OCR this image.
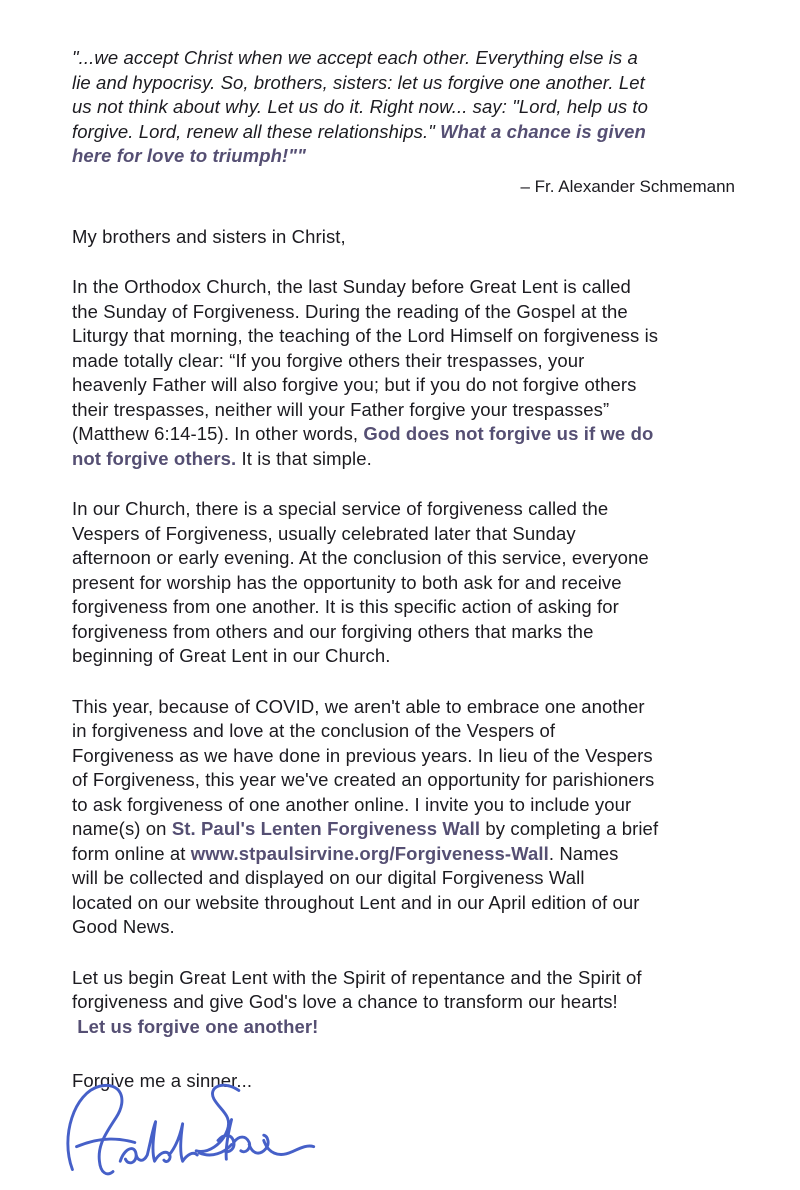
"...we accept Christ when we accept each other. Everything else is a
lie and hypocrisy. So, brothers, sisters: let us forgive one another. Let
us not think about why. Let us do it. Right now... say: "Lord, help us to
forgive. Lord, renew all these relationships." What a chance is given
here for love to triumph!""
– Fr. Alexander Schmemann
My brothers and sisters in Christ,
In the Orthodox Church, the last Sunday before Great Lent is called
the Sunday of Forgiveness. During the reading of the Gospel at the
Liturgy that morning, the teaching of the Lord Himself on forgiveness is
made totally clear: “If you forgive others their trespasses, your
heavenly Father will also forgive you; but if you do not forgive others
their trespasses, neither will your Father forgive your trespasses”
(Matthew 6:14-15). In other words, God does not forgive us if we do
not forgive others. It is that simple.
In our Church, there is a special service of forgiveness called the
Vespers of Forgiveness, usually celebrated later that Sunday
afternoon or early evening. At the conclusion of this service, everyone
present for worship has the opportunity to both ask for and receive
forgiveness from one another. It is this specific action of asking for
forgiveness from others and our forgiving others that marks the
beginning of Great Lent in our Church.
This year, because of COVID, we aren't able to embrace one another
in forgiveness and love at the conclusion of the Vespers of
Forgiveness as we have done in previous years. In lieu of the Vespers
of Forgiveness, this year we've created an opportunity for parishioners
to ask forgiveness of one another online. I invite you to include your
name(s) on St. Paul's Lenten Forgiveness Wall by completing a brief
form online at www.stpaulsirvine.org/Forgiveness-Wall. Names
will be collected and displayed on our digital Forgiveness Wall
located on our website throughout Lent and in our April edition of our
Good News.
Let us begin Great Lent with the Spirit of repentance and the Spirit of
forgiveness and give God's love a chance to transform our hearts!
Let us forgive one another!
Forgive me a sinner...
